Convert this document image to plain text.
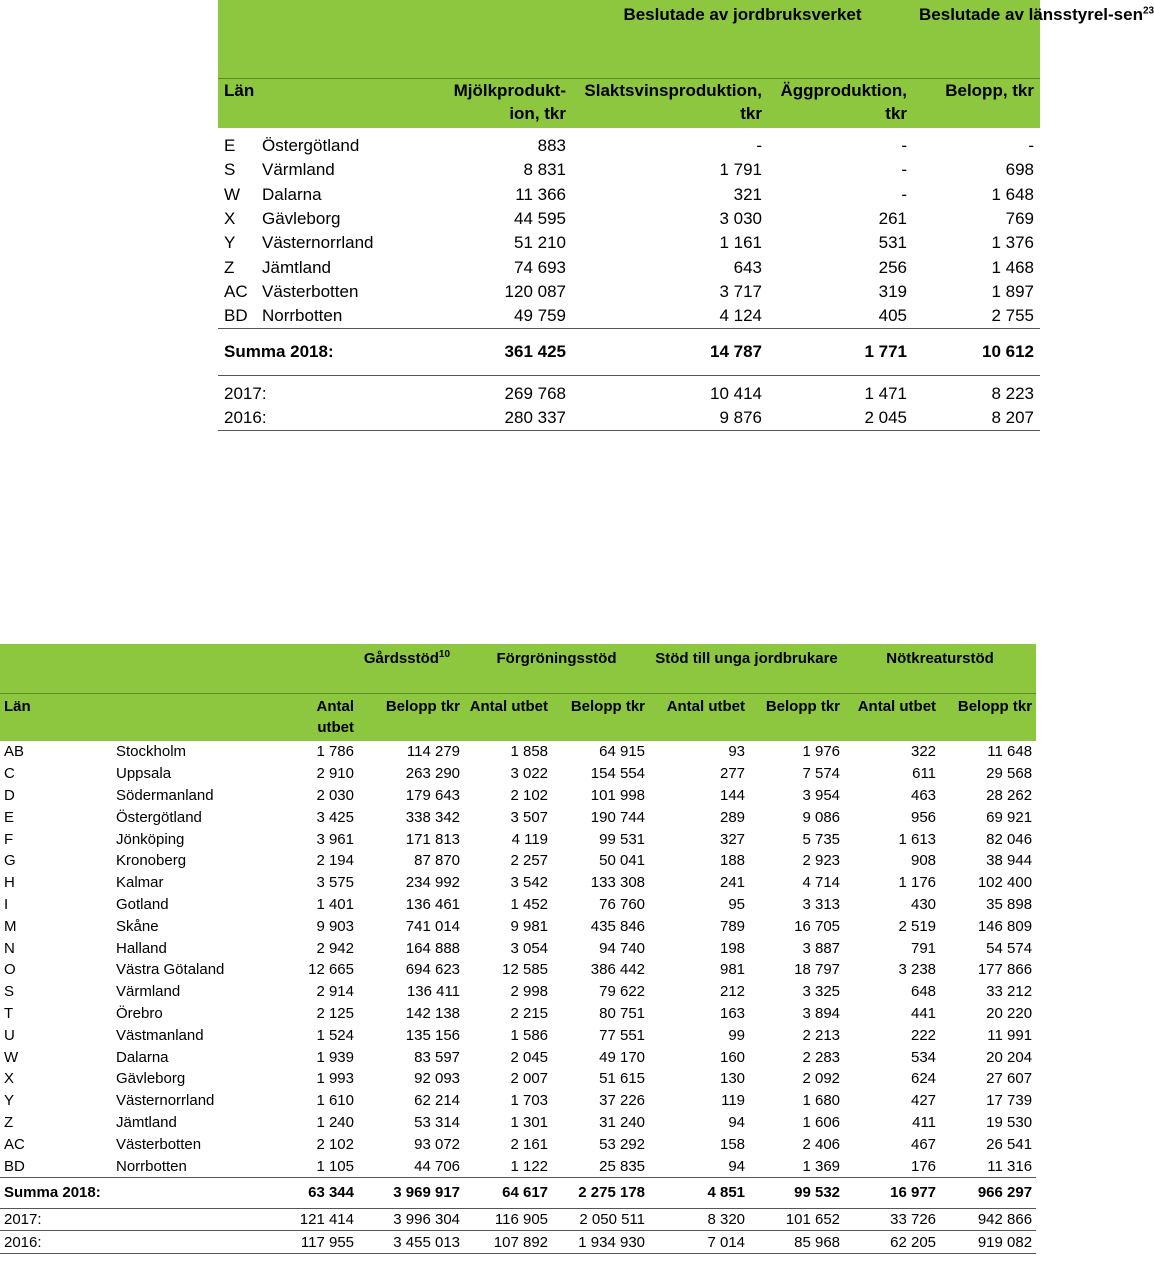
			Beslutade av jordbruksverket		Beslutade av länsstyrel-sen$^{23}$
Län		Mjölkprodukt-ion, tkr	Slaktsvinsproduktion, tkr	Äggproduktion, tkr	Belopp, tkr

E	Östergötland	883	-	-	-
S	Värmland	8 831	1 791	-	698
W	Dalarna	11 366	321	-	1 648
X	Gävleborg	44 595	3 030	261	769
Y	Västernorrland	51 210	1 161	531	1 376
Z	Jämtland	74 693	643	256	1 468
AC	Västerbotten	120 087	3 717	319	1 897
BD	Norrbotten	49 759	4 124	405	2 755
Summa 2018:		361 425	14 787	1 771	10 612

2017:		269 768	10 414	1 471	8 223
2016:		280 337	9 876	2 045	8 207
		Gårdsstöd$^{10}$		Förgröningsstöd		Stöd till unga jordbrukare		Nötkreaturstöd	
Län		Antal utbet	Belopp tkr	Antal utbet	Belopp tkr	Antal utbet	Belopp tkr	Antal utbet	Belopp tkr
AB	Stockholm	1 786	114 279	1 858	64 915	93	1 976	322	11 648
C	Uppsala	2 910	263 290	3 022	154 554	277	7 574	611	29 568
D	Södermanland	2 030	179 643	2 102	101 998	144	3 954	463	28 262
E	Östergötland	3 425	338 342	3 507	190 744	289	9 086	956	69 921
F	Jönköping	3 961	171 813	4 119	99 531	327	5 735	1 613	82 046
G	Kronoberg	2 194	87 870	2 257	50 041	188	2 923	908	38 944
H	Kalmar	3 575	234 992	3 542	133 308	241	4 714	1 176	102 400
I	Gotland	1 401	136 461	1 452	76 760	95	3 313	430	35 898
M	Skåne	9 903	741 014	9 981	435 846	789	16 705	2 519	146 809
N	Halland	2 942	164 888	3 054	94 740	198	3 887	791	54 574
O	Västra Götaland	12 665	694 623	12 585	386 442	981	18 797	3 238	177 866
S	Värmland	2 914	136 411	2 998	79 622	212	3 325	648	33 212
T	Örebro	2 125	142 138	2 215	80 751	163	3 894	441	20 220
U	Västmanland	1 524	135 156	1 586	77 551	99	2 213	222	11 991
W	Dalarna	1 939	83 597	2 045	49 170	160	2 283	534	20 204
X	Gävleborg	1 993	92 093	2 007	51 615	130	2 092	624	27 607
Y	Västernorrland	1 610	62 214	1 703	37 226	119	1 680	427	17 739
Z	Jämtland	1 240	53 314	1 301	31 240	94	1 606	411	19 530
AC	Västerbotten	2 102	93 072	2 161	53 292	158	2 406	467	26 541
BD	Norrbotten	1 105	44 706	1 122	25 835	94	1 369	176	11 316
Summa 2018:		63 344	3 969 917	64 617	2 275 178	4 851	99 532	16 977	966 297
2017:		121 414	3 996 304	116 905	2 050 511	8 320	101 652	33 726	942 866
2016:		117 955	3 455 013	107 892	1 934 930	7 014	85 968	62 205	919 082
